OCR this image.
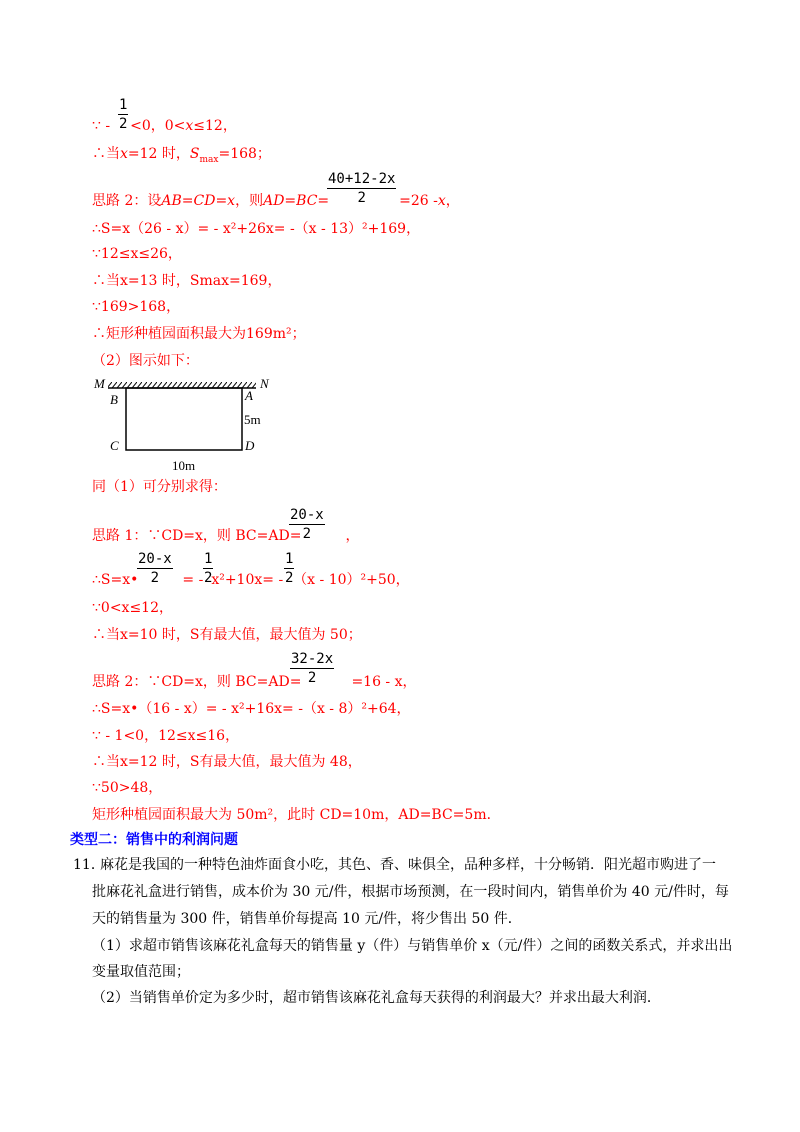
$\frac{1}{2}$
∵ - <0，0<x≤12，
∴当x=12 时，$S_{max}=168$；
$\frac{40+12-2x}{2}$
思路 2：设AB=CD=x，则AD=BC=	=26 -x，
∴S=x（26 - x）= - x²+26x= -（x - 13）²+169，
∵12≤x≤26，
∴当x=13 时，Smax=169，
∵169>168，
∴矩形种植园面积最大为169m²；
（2）图示如下：
M	N
B	A
5m
C	D
10m
同（1）可分别求得：
$\frac{20-x}{2}$
思路 1：∵CD=x，则 BC=AD=	，
$\frac{20-x}{2} \frac{1}{2}$	$\frac{1}{2}$
∴S=x•	= - x²+10x= - （x - 10）²+50，
∵0<x≤12，
∴当x=10 时，S有最大值，最大值为 50；
$\frac{32-2x}{2}$
思路 2：∵CD=x，则 BC=AD=	=16 - x，
∴S=x•（16 - x）= - x²+16x= -（x - 8）²+64，
∵ - 1<0，12≤x≤16，
∴当x=12 时，S有最大值，最大值为 48，
∵50>48，
矩形种植园面积最大为 50m²，此时 CD=10m，AD=BC=5m．
类型二：销售中的利润问题
11．
麻花是我国的一种特色油炸面食小吃，其色、香、味俱全，品种多样，十分畅销．阳光超市购进了一
批麻花礼盒进行销售，成本价为 30 元/件，根据市场预测，在一段时间内，销售单价为 40 元/件时，每
天的销售量为 300 件，销售单价每提高 10 元/件，将少售出 50 件．
（1）求超市销售该麻花礼盒每天的销售量 y（件）与销售单价 x（元/件）之间的函数关系式，并求出出
变量取值范围；
（2）当销售单价定为多少时，超市销售该麻花礼盒每天获得的利润最大？并求出最大利润．
